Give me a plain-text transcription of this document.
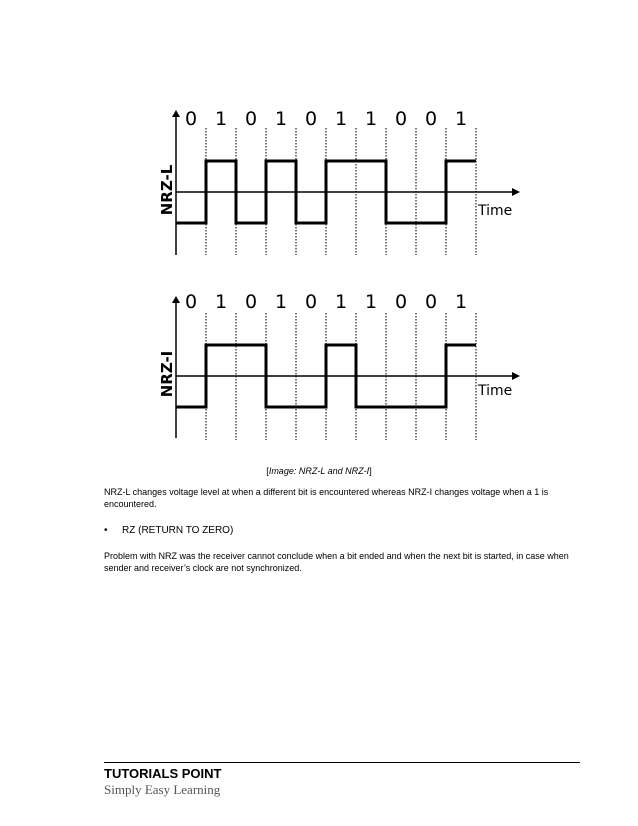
0 1 0 1 0 1 1 0 0 1
NRZ-L	Time
0 1 0 1 0 1 1 0 0 1
NRZ-I	Time
[Image: NRZ-L and NRZ-I]
NRZ-L changes voltage level at when a different bit is encountered whereas NRZ-I changes voltage when a 1 is encountered.
• RZ (RETURN TO ZERO)
Problem with NRZ was the receiver cannot conclude when a bit ended and when the next bit is started, in case when sender and receiver’s clock are not synchronized.
TUTORIALS POINT
Simply Easy Learning
